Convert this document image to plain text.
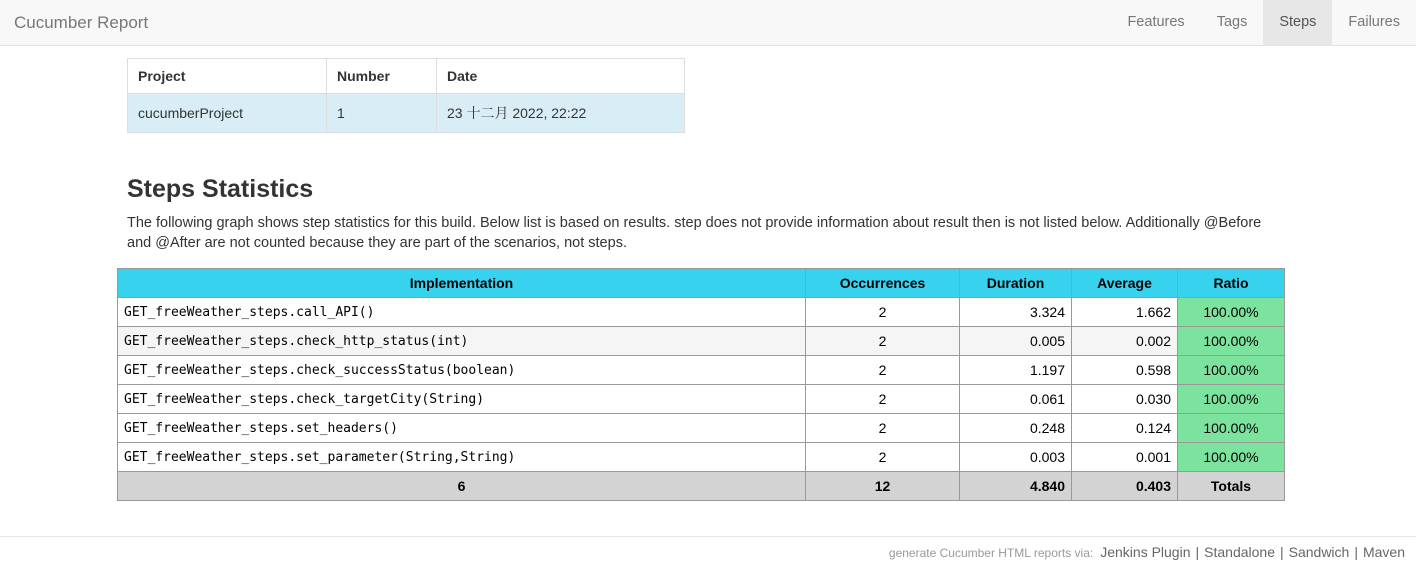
Cucumber Report	Features	Tags	Steps	Failures
Project	Number	Date
cucumberProject	1	23 十二月 2022, 22:22
Steps Statistics

The following graph shows step statistics for this build. Below list is based on results. step does not provide information about result then is not listed below. Additionally @Before and @After are not counted because they are part of the scenarios, not steps.

Implementation	Occurrences	Duration	Average	Ratio
GET_freeWeather_steps.call_API()	2	3.324	1.662	100.00%
GET_freeWeather_steps.check_http_status(int)	2	0.005	0.002	100.00%
GET_freeWeather_steps.check_successStatus(boolean)	2	1.197	0.598	100.00%
GET_freeWeather_steps.check_targetCity(String)	2	0.061	0.030	100.00%
GET_freeWeather_steps.set_headers()	2	0.248	0.124	100.00%
GET_freeWeather_steps.set_parameter(String,String)	2	0.003	0.001	100.00%
6	12	4.840	0.403	Totals
generate Cucumber HTML reports via: Jenkins Plugin | Standalone | Sandwich | Maven
